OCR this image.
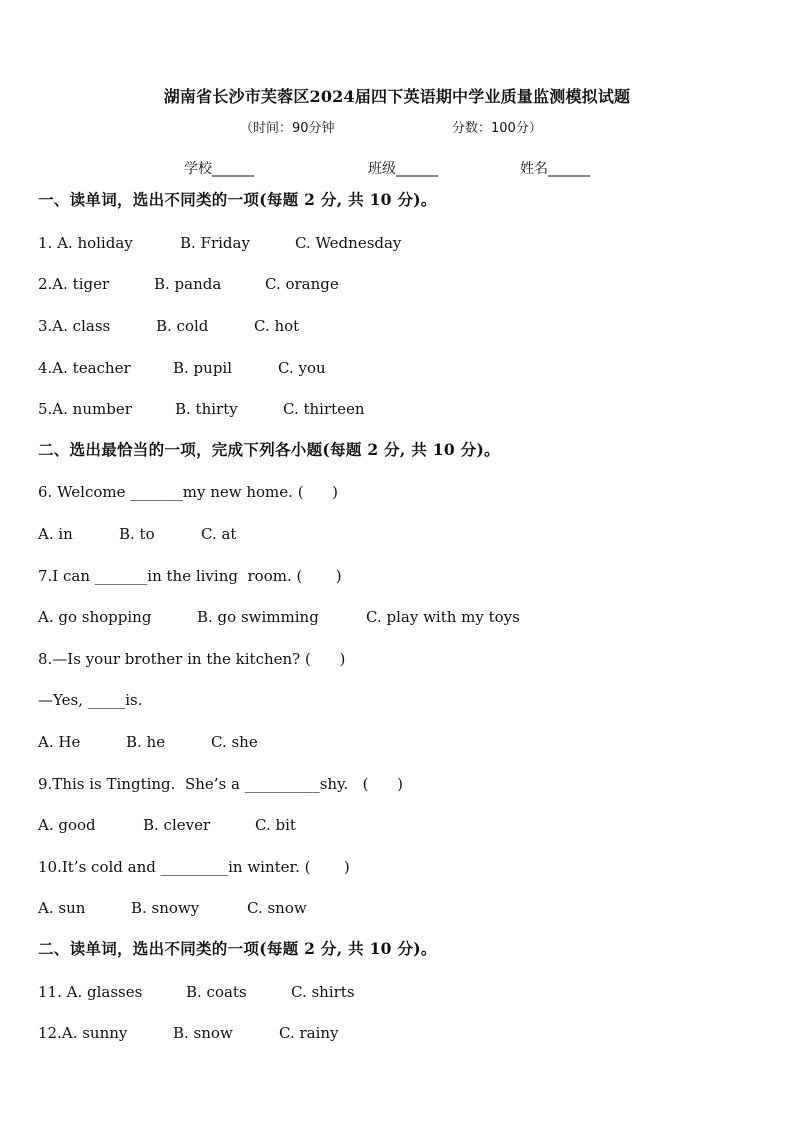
湖南省长沙市芙蓉区2024届四下英语期中学业质量监测模拟试题
（时间：90分钟	分数：100分）
学校______	班级______	姓名______
一、读单词，选出不同类的一项(每题 2 分, 共 10 分)。
1. A. holiday	B. Friday	C. Wednesday
2.A. tiger	B. panda	C. orange
3.A. class	B. cold	C. hot
4.A. teacher	B. pupil	C. you
5.A. number	B. thirty	C. thirteen
二、选出最恰当的一项，完成下列各小题(每题 2 分, 共 10 分)。
6. Welcome _______my new home. (      )
A. in	B. to	C. at
7.I can _______in the living  room. (       )
A. go shopping	B. go swimming	C. play with my toys
8.—Is your brother in the kitchen? (      )
—Yes, _____is.
A. He	B. he	C. she
9.This is Tingting.  She’s a __________shy.   (      )
A. good	B. clever	C. bit
10.It’s cold and _________in winter. (       )
A. sun	B. snowy	C. snow
二、读单词，选出不同类的一项(每题 2 分, 共 10 分)。
11. A. glasses	B. coats	C. shirts
12.A. sunny	B. snow	C. rainy
